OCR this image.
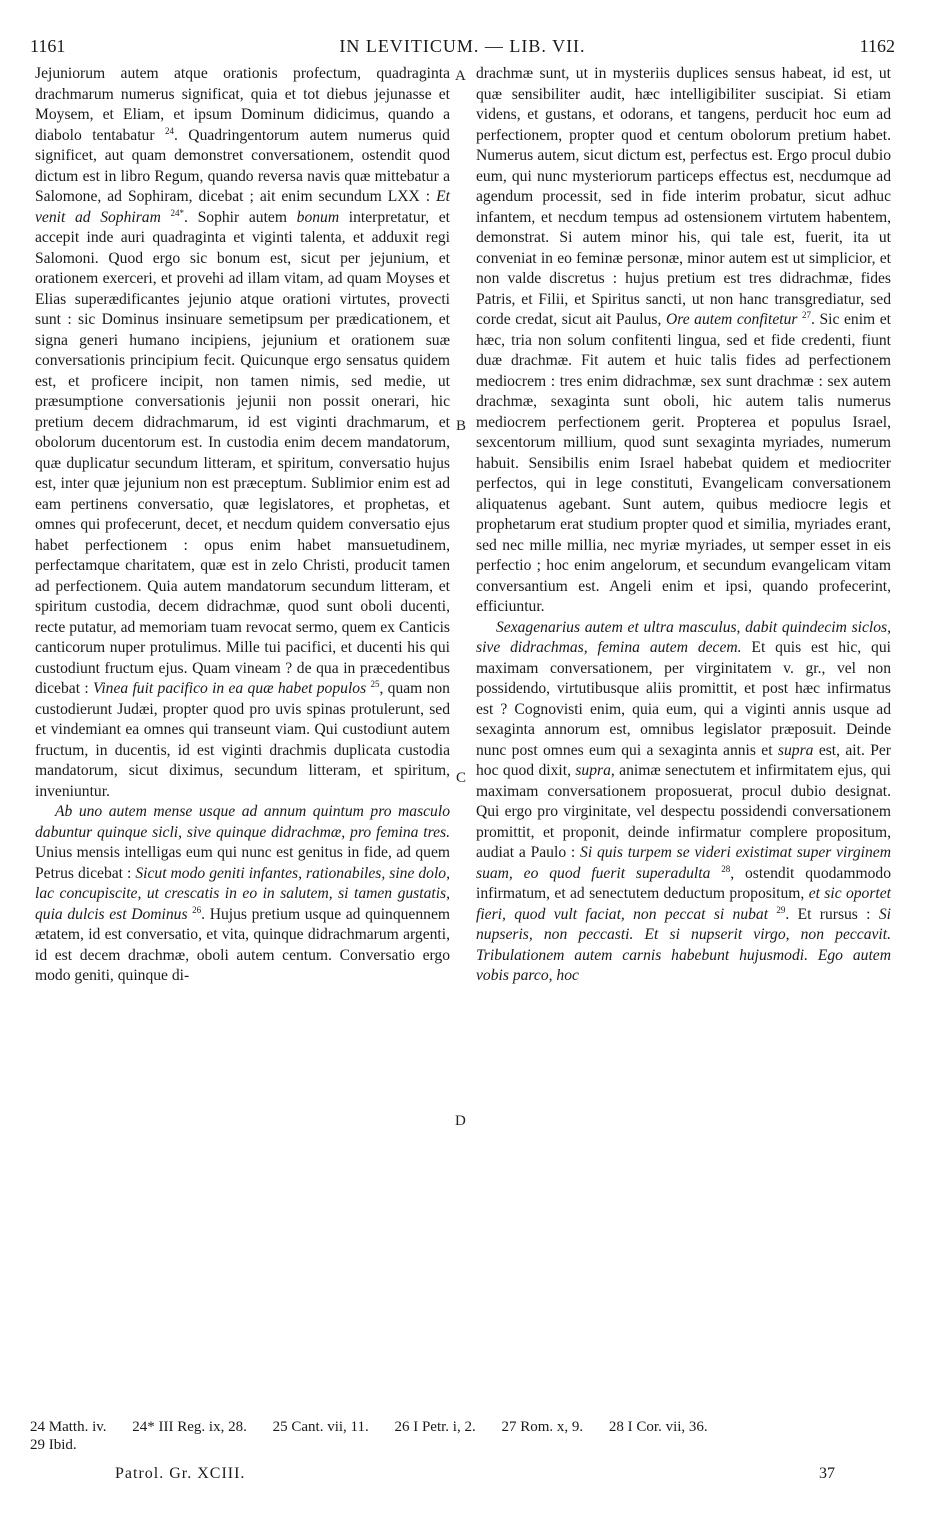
1161	IN LEVITICUM. — LIB. VII.	1162

Jejuniorum autem atque orationis profectum, quadraginta drachmarum numerus significat, quia et tot diebus jejunasse et Moysem, et Eliam, et ipsum Dominum didicimus, quando a diabolo tentabatur $^{24}$. Quadringentorum autem numerus quid significet, aut quam demonstret conversationem, ostendit quod dictum est in libro Regum, quando reversa navis quæ mittebatur a Salomone, ad Sophiram, dicebat ; ait enim secundum LXX : Et venit ad Sophiram $^{24*}$. Sophir autem bonum interpretatur, et accepit inde auri quadraginta et viginti talenta, et adduxit regi Salomoni. Quod ergo sic bonum est, sicut per jejunium, et orationem exerceri, et provehi ad illam vitam, ad quam Moyses et Elias superædificantes jejunio atque orationi virtutes, provecti sunt : sic Dominus insinuare semetipsum per prædicationem, et signa generi humano incipiens, jejunium et orationem suæ conversationis principium fecit. Quicunque ergo sensatus quidem est, et proficere incipit, non tamen nimis, sed medie, ut præsumptione conversationis jejunii non possit onerari, hic pretium decem didrachmarum, id est viginti drachmarum, et obolorum ducentorum est. In custodia enim decem mandatorum, quæ duplicatur secundum litteram, et spiritum, conversatio hujus est, inter quæ jejunium non est præceptum. Sublimior enim est ad eam pertinens conversatio, quæ legislatores, et prophetas, et omnes qui profecerunt, decet, et necdum quidem conversatio ejus habet perfectionem : opus enim habet mansuetudinem, perfectamque charitatem, quæ est in zelo Christi, producit tamen ad perfectionem. Quia autem mandatorum secundum litteram, et spiritum custodia, decem didrachmæ, quod sunt oboli ducenti, recte putatur, ad memoriam tuam revocat sermo, quem ex Canticis canticorum nuper protulimus. Mille tui pacifici, et ducenti his qui custodiunt fructum ejus. Quam vineam ? de qua in præcedentibus dicebat : Vinea fuit pacifico in ea quæ habet populos $^{25}$, quam non custodierunt Judæi, propter quod pro uvis spinas protulerunt, sed et vindemiant ea omnes qui transeunt viam. Qui custodiunt autem fructum, in ducentis, id est viginti drachmis duplicata custodia mandatorum, sicut diximus, secundum litteram, et spiritum, inveniuntur.

Ab uno autem mense usque ad annum quintum pro masculo dabuntur quinque sicli, sive quinque didrachmæ, pro femina tres. Unius mensis intelligas eum qui nunc est genitus in fide, ad quem Petrus dicebat : Sicut modo geniti infantes, rationabiles, sine dolo, lac concupiscite, ut crescatis in eo in salutem, si tamen gustatis, quia dulcis est Dominus $^{26}$. Hujus pretium usque ad quinquennem ætatem, id est conversatio, et vita, quinque didrachmarum argenti, id est decem drachmæ, oboli autem centum. Conversatio ergo modo geniti, quinque di-

A
B
C
D

drachmæ sunt, ut in mysteriis duplices sensus habeat, id est, ut quæ sensibiliter audit, hæc intelligibiliter suscipiat. Si etiam videns, et gustans, et odorans, et tangens, perducit hoc eum ad perfectionem, propter quod et centum obolorum pretium habet. Numerus autem, sicut dictum est, perfectus est. Ergo procul dubio eum, qui nunc mysteriorum particeps effectus est, necdumque ad agendum processit, sed in fide interim probatur, sicut adhuc infantem, et necdum tempus ad ostensionem virtutem habentem, demonstrat. Si autem minor his, qui tale est, fuerit, ita ut conveniat in eo feminæ personæ, minor autem est ut simplicior, et non valde discretus : hujus pretium est tres didrachmæ, fides Patris, et Filii, et Spiritus sancti, ut non hanc transgrediatur, sed corde credat, sicut ait Paulus, Ore autem confitetur $^{27}$. Sic enim et hæc, tria non solum confitenti lingua, sed et fide credenti, fiunt duæ drachmæ. Fit autem et huic talis fides ad perfectionem mediocrem : tres enim didrachmæ, sex sunt drachmæ : sex autem drachmæ, sexaginta sunt oboli, hic autem talis numerus mediocrem perfectionem gerit. Propterea et populus Israel, sexcentorum millium, quod sunt sexaginta myriades, numerum habuit. Sensibilis enim Israel habebat quidem et mediocriter perfectos, qui in lege constituti, Evangelicam conversationem aliquatenus agebant. Sunt autem, quibus mediocre legis et prophetarum erat studium propter quod et similia, myriades erant, sed nec mille millia, nec myriæ myriades, ut semper esset in eis perfectio ; hoc enim angelorum, et secundum evangelicam vitam conversantium est. Angeli enim et ipsi, quando profecerint, efficiuntur.

Sexagenarius autem et ultra masculus, dabit quindecim siclos, sive didrachmas, femina autem decem. Et quis est hic, qui maximam conversationem, per virginitatem v. gr., vel non possidendo, virtutibusque aliis promittit, et post hæc infirmatus est ? Cognovisti enim, quia eum, qui a viginti annis usque ad sexaginta annorum est, omnibus legislator præposuit. Deinde nunc post omnes eum qui a sexaginta annis et supra est, ait. Per hoc quod dixit, supra, animæ senectutem et infirmitatem ejus, qui maximam conversationem proposuerat, procul dubio designat. Qui ergo pro virginitate, vel despectu possidendi conversationem promittit, et proponit, deinde infirmatur complere propositum, audiat a Paulo : Si quis turpem se videri existimat super virginem suam, eo quod fuerit superadulta $^{28}$, ostendit quodammodo infirmatum, et ad senectutem deductum propositum, et sic oportet fieri, quod vult faciat, non peccat si nubat $^{29}$. Et rursus : Si nupseris, non peccasti. Et si nupserit virgo, non peccavit. Tribulationem autem carnis habebunt hujusmodi. Ego autem vobis parco, hoc

24 Matth. iv. 24* III Reg. ix, 28. 25 Cant. vii, 11. 26 I Petr. i, 2. 27 Rom. x, 9. 28 I Cor. vii, 36.
29 Ibid.
Patrol. Gr. XCIII.	37
